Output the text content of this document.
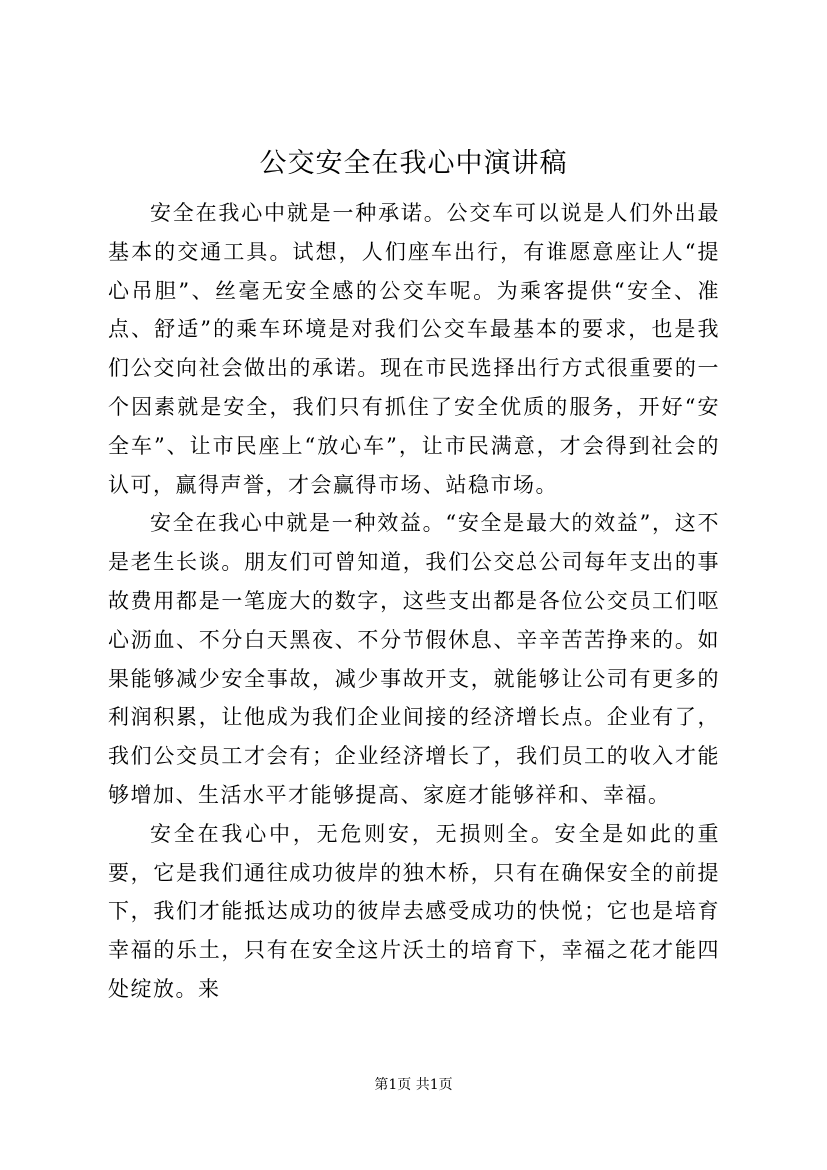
公交安全在我心中演讲稿

安全在我心中就是一种承诺。公交车可以说是人们外出最基本的交通工具。试想，人们座车出行，有谁愿意座让人“提心吊胆”、丝毫无安全感的公交车呢。为乘客提供“安全、准点、舒适”的乘车环境是对我们公交车最基本的要求，也是我们公交向社会做出的承诺。现在市民选择出行方式很重要的一个因素就是安全，我们只有抓住了安全优质的服务，开好“安全车”、让市民座上“放心车”，让市民满意，才会得到社会的认可，赢得声誉，才会赢得市场、站稳市场。

安全在我心中就是一种效益。“安全是最大的效益”，这不是老生长谈。朋友们可曾知道，我们公交总公司每年支出的事故费用都是一笔庞大的数字，这些支出都是各位公交员工们呕心沥血、不分白天黑夜、不分节假休息、辛辛苦苦挣来的。如果能够减少安全事故，减少事故开支，就能够让公司有更多的利润积累，让他成为我们企业间接的经济增长点。企业有了，我们公交员工才会有；企业经济增长了，我们员工的收入才能够增加、生活水平才能够提高、家庭才能够祥和、幸福。

安全在我心中，无危则安，无损则全。安全是如此的重要，它是我们通往成功彼岸的独木桥，只有在确保安全的前提下，我们才能抵达成功的彼岸去感受成功的快悦；它也是培育幸福的乐土，只有在安全这片沃土的培育下，幸福之花才能四处绽放。来

第1页 共1页
